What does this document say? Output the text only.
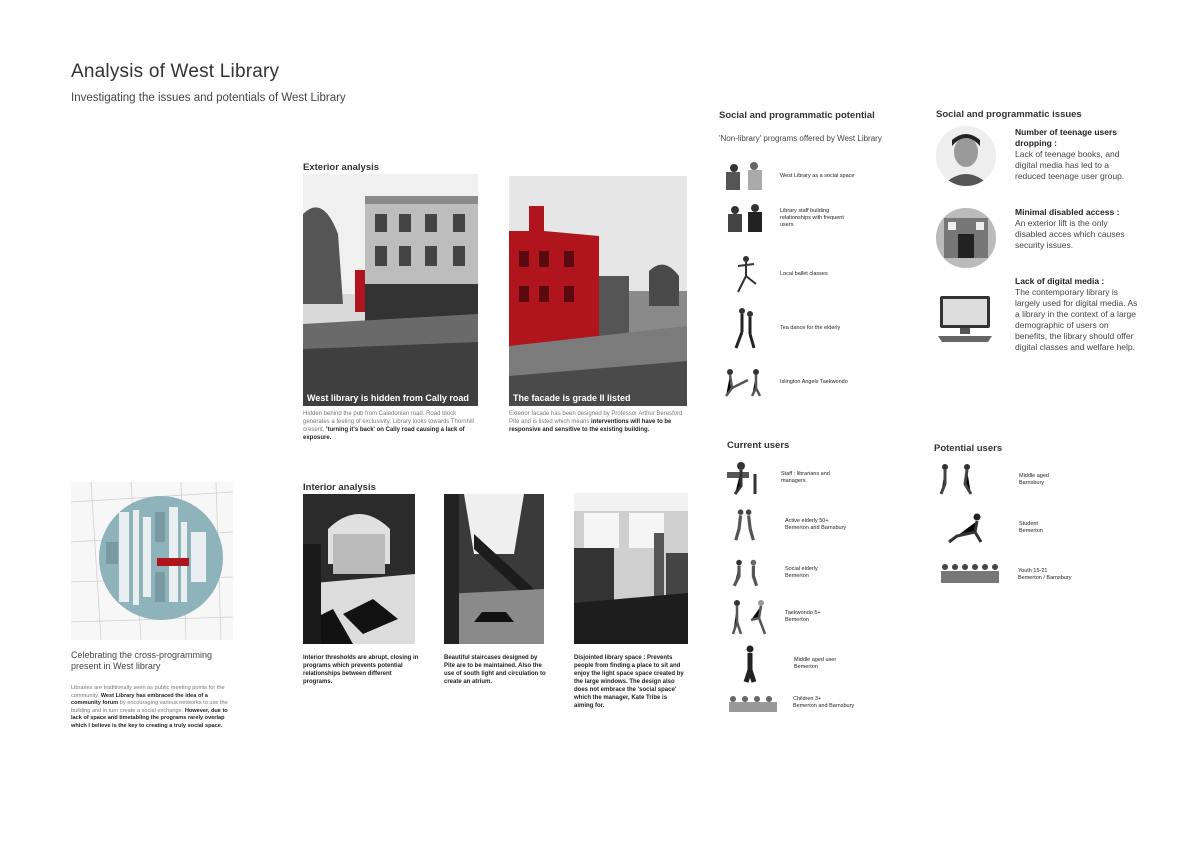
Analysis of West Library
Investigating the issues and potentials of West Library
Exterior analysis
West library is hidden from Cally road
Hidden behind the pub from Caledonian road. Road block generates a feeling of exclusivity. Library looks towards Thornhill cresent, 'turning it's back' on Cally road causing a lack of exposure.
The facade is grade II listed
Exterior facade has been designed by Professor Arthur Beresford Pite and is listed which means interventions will have to be responsive and sensitive to the existing building.
Interior analysis
Interior thresholds are abrupt, closing in programs which prevents potential relationships between different programs.
Beautiful staircases designed by Pite are to be maintained. Also the use of south light and circulation to create an atrium.
Disjointed library space : Prevents people from finding a place to sit and enjoy the light space space created by the large windows. The design also does not embrace the 'social space' which the manager, Kate Tribe is aiming for.
Celebrating the cross-programming present in West library
Libraries are traditionally seen as public meeting points for the community. West Library has embraced the idea of a community forum by encouraging various networks to use the building and in turn create a social exchange. However, due to lack of space and timetabling the programs rarely overlap which I believe is the key to creating a truly social space.
Social and programmatic potential
'Non-library' programs offered by West Library
West Library as a social space
Library staff building
relationships with frequent
users
Local ballet classes
Tea dance for the elderly
Islington Angels Taekwondo
Current users
Staff : librarians and
managers.
Active elderly 50+
Bemerton and Barnsbury
Social elderly
Bemerton
Taekwondo 5+
Bemerton
Middle aged user
Bemerton
Children 3+
Bemerton and Barnsbury
Potential users
Middle aged
Barnsbury
Student
Bemerton
Youth 15-21
Bemerton / Barnsbury
Social and programmatic issues
Number of teenage users dropping :
Lack of teenage books, and digital media has led to a reduced teenage user group.
Minimal disabled access :
An exterior lift is the only disabled acces which causes security issues.
Lack of digital media :
The contemporary library is largely used for digital media. As a library in the context of a large demographic of users on benefits, the library should offer digital classes and welfare help.
